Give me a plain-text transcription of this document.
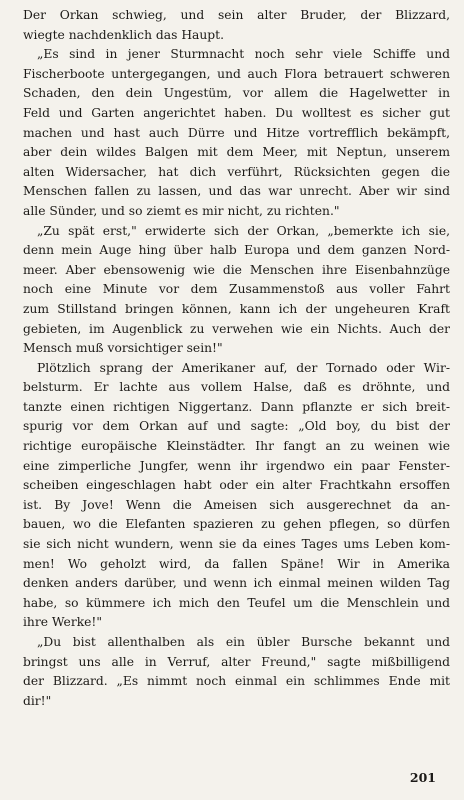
Der Orkan schwieg, und sein alter Bruder, der Blizzard,
wiegte nachdenklich das Haupt.
„Es sind in jener Sturmnacht noch sehr viele Schiffe und
Fischerboote untergegangen, und auch Flora betrauert schweren
Schaden, den dein Ungestüm, vor allem die Hagelwetter in
Feld und Garten angerichtet haben. Du wolltest es sicher gut
machen und hast auch Dürre und Hitze vortrefflich bekämpft,
aber dein wildes Balgen mit dem Meer, mit Neptun, unserem
alten Widersacher, hat dich verführt, Rücksichten gegen die
Menschen fallen zu lassen, und das war unrecht. Aber wir sind
alle Sünder, und so ziemt es mir nicht, zu richten."
„Zu spät erst," erwiderte sich der Orkan, „bemerkte ich sie,
denn mein Auge hing über halb Europa und dem ganzen Nord-
meer. Aber ebensowenig wie die Menschen ihre Eisenbahnzüge
noch eine Minute vor dem Zusammenstoß aus voller Fahrt
zum Stillstand bringen können, kann ich der ungeheuren Kraft
gebieten, im Augenblick zu verwehen wie ein Nichts. Auch der
Mensch muß vorsichtiger sein!"
Plötzlich sprang der Amerikaner auf, der Tornado oder Wir-
belsturm. Er lachte aus vollem Halse, daß es dröhnte, und
tanzte einen richtigen Niggertanz. Dann pflanzte er sich breit-
spurig vor dem Orkan auf und sagte: „Old boy, du bist der
richtige europäische Kleinstädter. Ihr fangt an zu weinen wie
eine zimperliche Jungfer, wenn ihr irgendwo ein paar Fenster-
scheiben eingeschlagen habt oder ein alter Frachtkahn ersoffen
ist. By Jove! Wenn die Ameisen sich ausgerechnet da an-
bauen, wo die Elefanten spazieren zu gehen pflegen, so dürfen
sie sich nicht wundern, wenn sie da eines Tages ums Leben kom-
men! Wo geholzt wird, da fallen Späne! Wir in Amerika
denken anders darüber, und wenn ich einmal meinen wilden Tag
habe, so kümmere ich mich den Teufel um die Menschlein und
ihre Werke!"
„Du bist allenthalben als ein übler Bursche bekannt und
bringst uns alle in Verruf, alter Freund," sagte mißbilligend
der Blizzard. „Es nimmt noch einmal ein schlimmes Ende mit
dir!"
201
